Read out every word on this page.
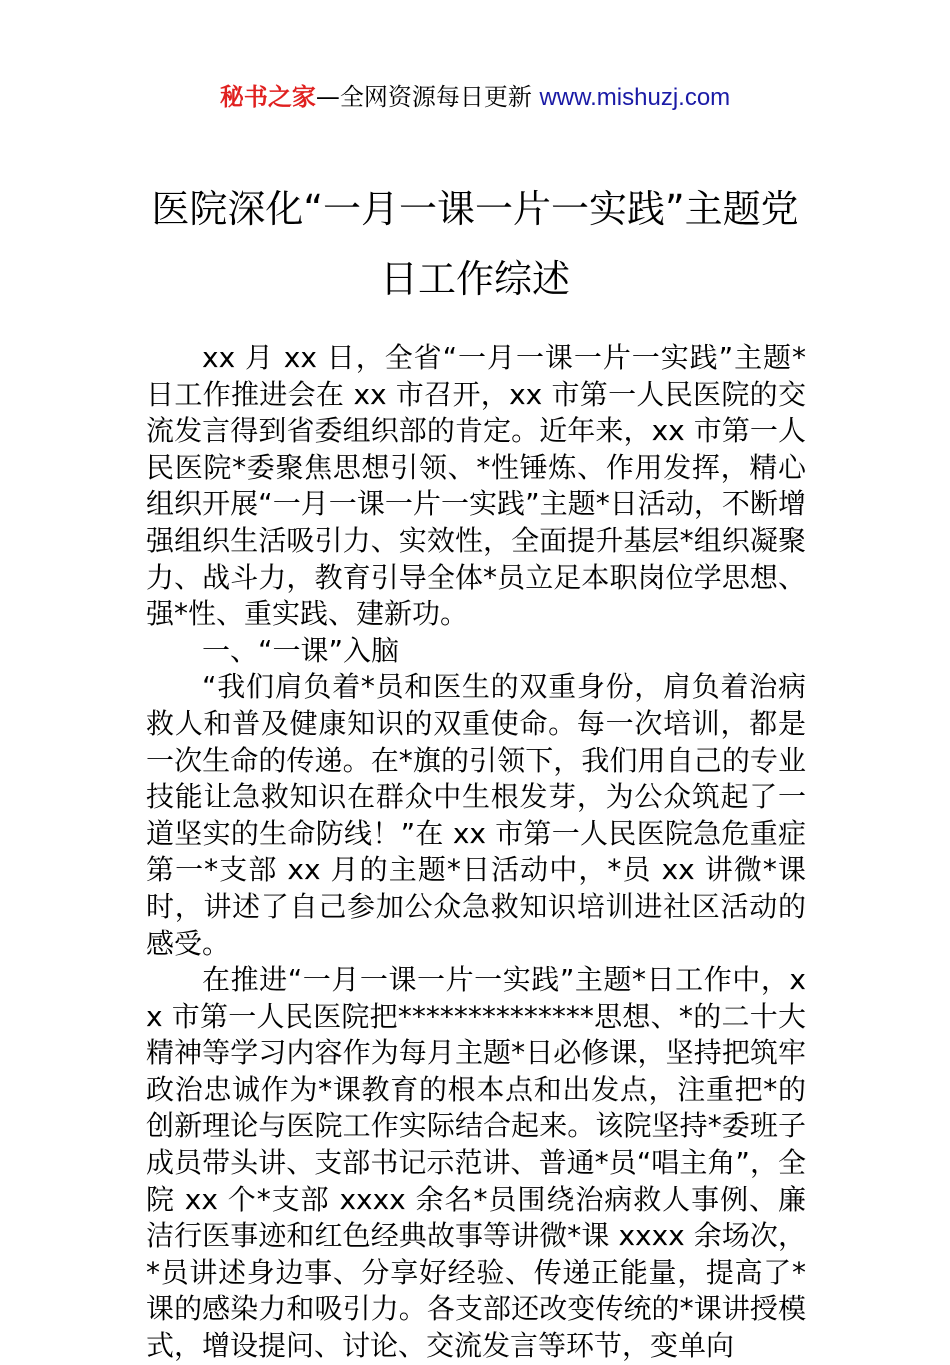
秘书之家—全网资源每日更新 www.mishuzj.com
医院深化“一月一课一片一实践”主题党
日工作综述

xx 月 xx 日，全省“一月一课一片一实践”主题*日工作推进会在 xx 市召开，xx 市第一人民医院的交流发言得到省委组织部的肯定。近年来，xx 市第一人民医院*委聚焦思想引领、*性锤炼、作用发挥，精心组织开展“一月一课一片一实践”主题*日活动，不断增强组织生活吸引力、实效性，全面提升基层*组织凝聚力、战斗力，教育引导全体*员立足本职岗位学思想、强*性、重实践、建新功。

一、“一课”入脑

“我们肩负着*员和医生的双重身份，肩负着治病救人和普及健康知识的双重使命。每一次培训，都是一次生命的传递。在*旗的引领下，我们用自己的专业技能让急救知识在群众中生根发芽，为公众筑起了一道坚实的生命防线！”在 xx 市第一人民医院急危重症第一*支部 xx 月的主题*日活动中，*员 xx 讲微*课时，讲述了自己参加公众急救知识培训进社区活动的感受。

在推进“一月一课一片一实践”主题*日工作中，xx 市第一人民医院把**************思想、*的二十大精神等学习内容作为每月主题*日必修课，坚持把筑牢政治忠诚作为*课教育的根本点和出发点，注重把*的创新理论与医院工作实际结合起来。该院坚持*委班子成员带头讲、支部书记示范讲、普通*员“唱主角”，全院 xx 个*支部 xxxx 余名*员围绕治病救人事例、廉洁行医事迹和红色经典故事等讲微*课 xxxx 余场次，*员讲述身边事、分享好经验、传递正能量，提高了*课的感染力和吸引力。各支部还改变传统的*课讲授模式，增设提问、讨论、交流发言等环节，变单向
